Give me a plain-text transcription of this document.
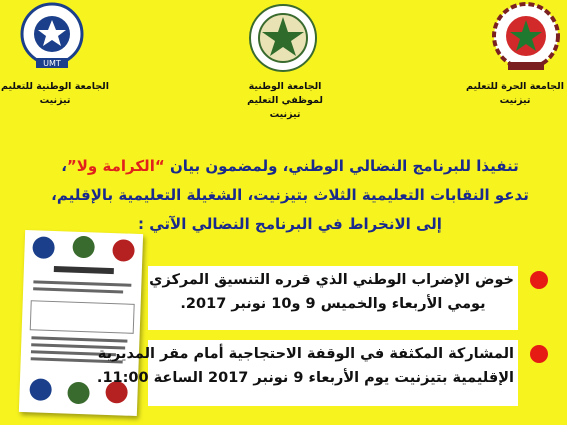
UMT
الجامعة الوطنية للتعليم
تيزنيت
الجامعة الوطنية لموظفي التعليم
تيزنيت
الجامعة الحرة للتعليم
تيزنيت
تنفيذا للبرنامج النضالي الوطني، ولمضمون بيان “الكرامة ولا”،
تدعو النقابات التعليمية الثلاث بتيزنيت، الشغيلة التعليمية بالإقليم،
إلى الانخراط في البرنامج النضالي الآتي :
خوض الإضراب الوطني الذي قرره التنسيق المركزي
يومي الأربعاء والخميس 9 و10 نونبر 2017.
المشاركة المكثفة في الوقفة الاحتجاجية أمام مقر المديرية
الإقليمية بتيزنيت يوم الأربعاء 9 نونبر 2017 الساعة 11:00.
